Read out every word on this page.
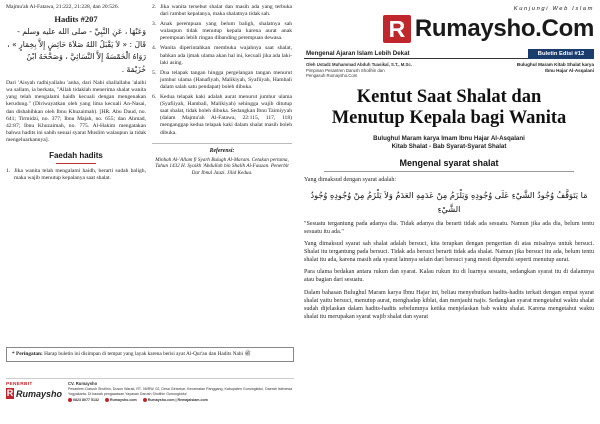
Majmu'ah Al-Fatawa, 21:222, 21:228, dan 20:526.
Hadits #207
وَعَنْهَا ، عَنِ النَّبِيِّ - صلى الله عليه وسلم - قَالَ : « لاَ يَقْبَلُ اللهُ صَلاَةَ حَائِضٍ إِلاَّ بِخِمَارٍ » ، رَوَاهُ الْخَمْسَةُ إِلاَّ النَّسَائِيَّ ، وَصَحَّحَهُ ابْنُ خُزَيْمَةَ .
Dari 'Aisyah radhiyallahu 'anha, dari Nabi shallallahu 'alaihi wa sallam, ia berkata, "Allah tidaklah menerima shalat wanita yang telah mengalami haidh kecuali dengan mengenakan kerudung." (Diriwayatkan oleh yang lima kecuali An-Nasai, dan dishahihkan oleh Ibnu Khuzaimah). [HR. Abu Daud, no. 641; Tirmidzi, no. 377; Ibnu Majah, no. 655; dan Ahmad, 42:87; Ibnu Khuzaimah, no. 775. Al-Hakim mengatakan bahwa hadits ini sahih sesuai syarat Muslim walaupun ia tidak mengeluarkannya].
Faedah hadits
1. Jika wanita telah mengalami haidh, berarti sudah baligh, maka wajib menutup kepalanya saat shalat.
2. Jika wanita tersebut shalat dan masih ada yang terbuka dari rambut kepalanya, maka shalatnya tidak sah.
3. Anak perempuan yang belum baligh, shalatnya sah walaupun tidak menutup kepala karena aurat anak perempuan lebih ringan dibanding perempuan dewasa.
4. Wanita diperintahkan membuka wajahnya saat shalat, bahkan ada ijmak ulama akan hal ini, kecuali jika ada laki-laki asing.
5. Dua telapak tangan hingga pergelangan tangan menurut jumhur ulama (Hanafiyah, Malikiyah, Syafiiyah, Hambali dalam salah satu pendapat) boleh dibuka.
6. Kedua telapak kaki adalah aurat menurut jumhur ulama (Syafiiyah, Hambali, Malikiyah) sehingga wajib ditutup saat shalat, tidak boleh dibuka. Sedangkan Ibnu Taimiyyah (dalam Majmu'ah Al-Fatawa, 22:115, 117, 118) menganggap kedua telapak kaki dalam shalat masih boleh dibuka.
Referensi:
Minhah Al-'Allam fi Syarh Bulugh Al-Maram. Cetakan pertama, Tahun 1432 H. Syaikh 'Abdullah bin Shalih Al-Fauzan. Penerbit Dar Ibnul Jauzi. Jilid Kedua.
* Peringatan: Harap buletin ini disimpan di tempat yang layak karena berisi ayat Al-Qur'an dan Hadits Nabi ﷺ
PENERBIT
R Rumaysho
CV. Rumaysho
Pesantren Darush Sholihin, Dusun Warak, RT. 08/RW. 02, Desa Girisekar, Kecamatan Panggang, Kabupaten Gunungkidul, Daerah Istimewa Yogyakarta. Di bawah pengawasan Yayasan Darush Sholihin Gunungkidul
0823 8077 5132	Rumaysho.com	Rumaysho.com | RemajaIslam.com
Kunjungi Web Islam
R Rumaysho.Com
Mengenal Ajaran Islam Lebih Dekat	Buletin Edisi #12
Oleh Ustadz Muhammad Abduh Tuasikal, S.T., M.Sc.
Pimpinan Pesantren Darush Sholihin dan
Pengasuh Rumaysho.Com
Bulughul Maram Kitab Shalat karya
Ibnu Hajar Al-Asqalani
Kentut Saat Shalat dan
Menutup Kepala bagi Wanita
Bulughul Maram karya Imam Ibnu Hajar Al-Asqalani
Kitab Shalat - Bab Syarat-Syarat Shalat
Mengenal syarat shalat
Yang dimaksud dengan syarat adalah:
مَا يَتَوَقَّفُ وُجُودُ الشَّيْءِ عَلَى وُجُودِهِ وَيَلْزَمُ مِنْ عَدَمِهِ العَدَمُ وَلاَ يَلْزَمُ مِنْ وُجُودِهِ وُجُودُ الشَّيْءِ
"Sesuatu tergantung pada adanya dia. Tidak adanya dia berarti tidak ada sesuatu. Namun jika ada dia, belum tentu sesuatu itu ada."
Yang dimaksud syarat sah shalat adalah bersuci, kita terapkan dengan pengertian di atas misalnya untuk bersuci. Shalat itu tergantung pada bersuci. Tidak ada bersuci berarti tidak ada shalat. Namun jika bersuci itu ada, belum tentu shalat itu ada, karena masih ada syarat lainnya selain dari bersuci yang mesti dipenuhi seperti menutup aurat.
Para ulama bedakan antara rukun dan syarat. Kalau rukun itu di luarnya sesuatu, sedangkan syarat itu di dalamnya atau bagian dari sesuatu.
Dalam bahasan Bulughul Maram karya Ibnu Hajar ini, beliau menyebutkan hadits-hadits terkait dengan empat syarat shalat yaitu bersuci, menutup aurat, menghadap kiblat, dan menjauhi najis. Sedangkan syarat mengetahui waktu shalat sudah dijelaskan dalam hadits-hadits sebelumnya ketika menjelaskan bab waktu shalat. Karena mengetahui waktu shalat itu merupakan syarat wajib shalat dan syarat
